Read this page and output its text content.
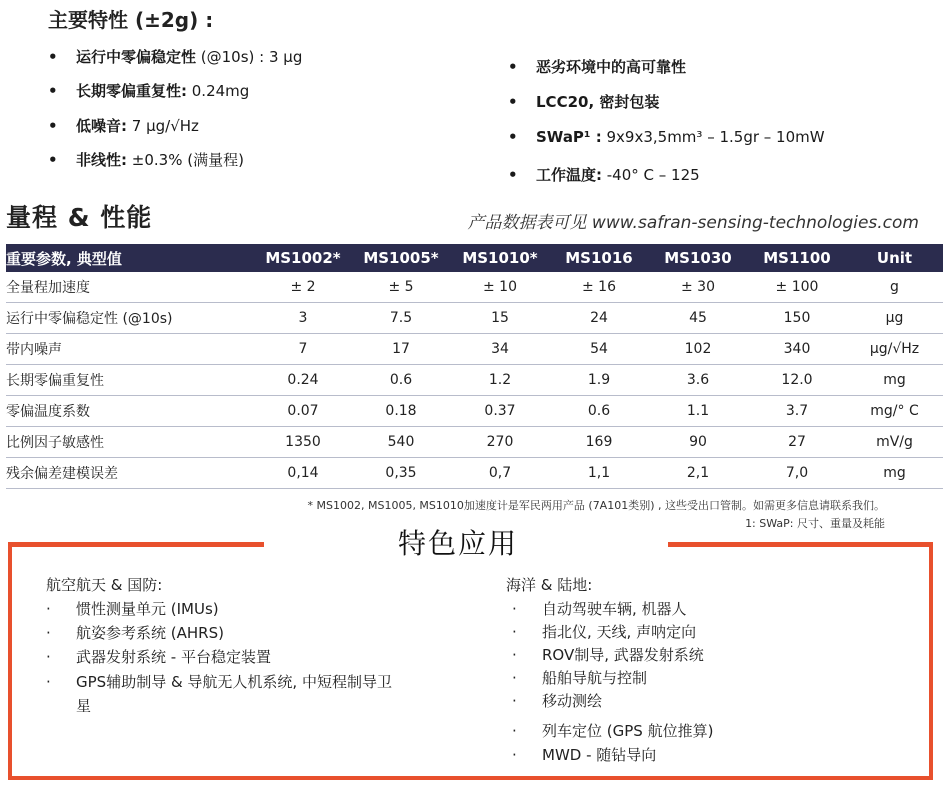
主要特性 (±2g) :
• 运行中零偏稳定性 (@10s) : 3 µg
• 长期零偏重复性: 0.24mg
• 低噪音: 7 µg/√Hz
• 非线性: ±0.3% (满量程)
• 恶劣环境中的高可靠性
• LCC20, 密封包装
• SWaP¹ : 9x9x3,5mm³ – 1.5gr – 10mW
• 工作温度: -40° C – 125
量程 & 性能	产品数据表可见 www.safran-sensing-technologies.com
重要参数, 典型值	MS1002*	MS1005*	MS1010*	MS1016	MS1030	MS1100	Unit
全量程加速度	± 2	± 5	± 10	± 16	± 30	± 100	g
运行中零偏稳定性 (@10s)	3	7.5	15	24	45	150	µg
带内噪声	7	17	34	54	102	340	µg/√Hz
长期零偏重复性	0.24	0.6	1.2	1.9	3.6	12.0	mg
零偏温度系数	0.07	0.18	0.37	0.6	1.1	3.7	mg/° C
比例因子敏感性	1350	540	270	169	90	27	mV/g
残余偏差建模误差	0,14	0,35	0,7	1,1	2,1	7,0	mg
* MS1002, MS1005, MS1010加速度计是军民两用产品 (7A101类别) , 这些受出口管制。如需更多信息请联系我们。
1: SWaP: 尺寸、重量及耗能
特色应用
航空航天 & 国防:
· 惯性测量单元 (IMUs)
· 航姿参考系统 (AHRS)
· 武器发射系统 - 平台稳定装置
· GPS辅助制导 & 导航无人机系统, 中短程制导卫
星
海洋 & 陆地:
· 自动驾驶车辆, 机器人
· 指北仪, 天线, 声呐定向
· ROV制导, 武器发射系统
· 船舶导航与控制
· 移动测绘
· 列车定位 (GPS 航位推算)
· MWD - 随钻导向
